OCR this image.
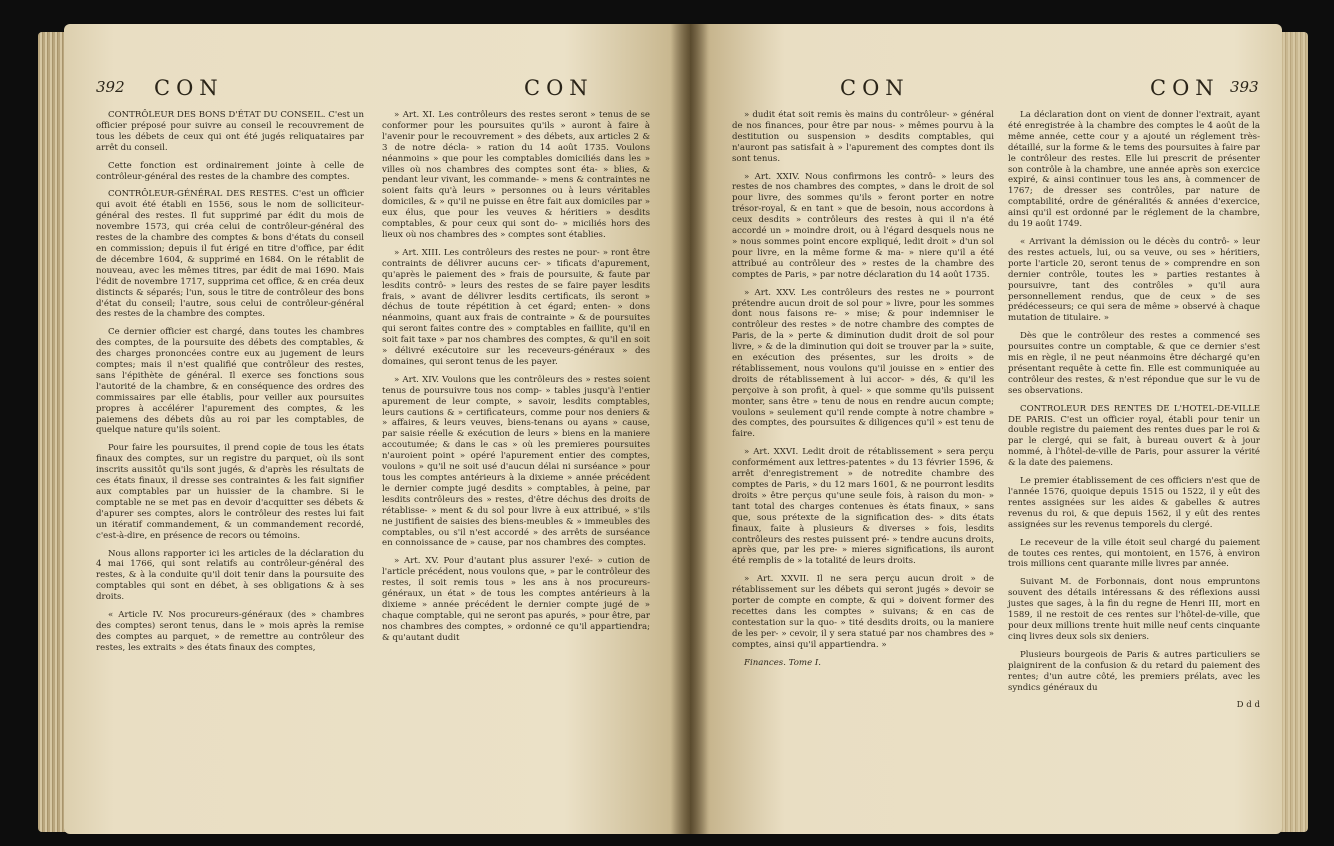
392 CON	CON

CONTRÔLEUR DES BONS D'ÉTAT DU CONSEIL. C'est un officier préposé pour suivre au conseil le recouvrement de tous les débets de ceux qui ont été jugés reliquataires par arrêt du conseil.

Cette fonction est ordinairement jointe à celle de contrôleur-général des restes de la chambre des comptes.

CONTRÔLEUR-GÉNÉRAL DES RESTES. C'est un officier qui avoit été établi en 1556, sous le nom de solliciteur-général des restes. Il fut supprimé par édit du mois de novembre 1573, qui créa celui de contrôleur-général des restes de la chambre des comptes & bons d'états du conseil en commission; depuis il fut érigé en titre d'office, par édit de décembre 1604, & supprimé en 1684. On le rétablit de nouveau, avec les mêmes titres, par édit de mai 1690. Mais l'édit de novembre 1717, supprima cet office, & en créa deux distincts & séparés; l'un, sous le titre de contrôleur des bons d'état du conseil; l'autre, sous celui de contrôleur-général des restes de la chambre des comptes.

Ce dernier officier est chargé, dans toutes les chambres des comptes, de la poursuite des débets des comptables, & des charges prononcées contre eux au jugement de leurs comptes; mais il n'est qualifié que contrôleur des restes, sans l'épithète de général. Il exerce ses fonctions sous l'autorité de la chambre, & en conséquence des ordres des commissaires par elle établis, pour veiller aux poursuites propres à accélérer l'apurement des comptes, & les paiemens des débets dûs au roi par les comptables, de quelque nature qu'ils soient.

Pour faire les poursuites, il prend copie de tous les états finaux des comptes, sur un registre du parquet, où ils sont inscrits aussitôt qu'ils sont jugés, & d'après les résultats de ces états finaux, il dresse ses contraintes & les fait signifier aux comptables par un huissier de la chambre. Si le comptable ne se met pas en devoir d'acquitter ses débets & d'apurer ses comptes, alors le contrôleur des restes lui fait un itératif commandement, & un commandement recordé, c'est-à-dire, en présence de recors ou témoins.

Nous allons rapporter ici les articles de la déclaration du 4 mai 1766, qui sont relatifs au contrôleur-général des restes, & à la conduite qu'il doit tenir dans la poursuite des comptables qui sont en débet, à ses obligations & à ses droits.

« Article IV. Nos procureurs-généraux (des » chambres des comptes) seront tenus, dans le » mois après la remise des comptes au parquet, » de remettre au contrôleur des restes, les extraits » des états finaux des comptes,

» Art. XI. Les contrôleurs des restes seront » tenus de se conformer pour les poursuites qu'ils » auront à faire à l'avenir pour le recouvrement » des débets, aux articles 2 & 3 de notre décla- » ration du 14 août 1735. Voulons néanmoins » que pour les comptables domiciliés dans les » villes où nos chambres des comptes sont éta- » blies, & pendant leur vivant, les commande- » mens & contraintes ne soient faits qu'à leurs » personnes ou à leurs véritables domiciles, & » qu'il ne puisse en être fait aux domiciles par » eux élus, que pour les veuves & héritiers » desdits comptables, & pour ceux qui sont do- » miciliés hors des lieux où nos chambres des » comptes sont établies.

» Art. XIII. Les contrôleurs des restes ne pour- » ront être contraints de délivrer aucuns cer- » tificats d'apurement, qu'après le paiement des » frais de poursuite, & faute par lesdits contrô- » leurs des restes de se faire payer lesdits frais, » avant de délivrer lesdits certificats, ils seront » déchus de toute répétition à cet égard; enten- » dons néanmoins, quant aux frais de contrainte » & de poursuites qui seront faites contre des » comptables en faillite, qu'il en soit fait taxe » par nos chambres des comptes, & qu'il en soit » délivré exécutoire sur les receveurs-généraux » des domaines, qui seront tenus de les payer.

» Art. XIV. Voulons que les contrôleurs des » restes soient tenus de poursuivre tous nos comp- » tables jusqu'à l'entier apurement de leur compte, » savoir, lesdits comptables, leurs cautions & » certificateurs, comme pour nos deniers & » affaires, & leurs veuves, biens-tenans ou ayans » cause, par saisie réelle & exécution de leurs » biens en la maniere accoutumée; & dans le cas » où les premieres poursuites n'auroient point » opéré l'apurement entier des comptes, voulons » qu'il ne soit usé d'aucun délai ni surséance » pour tous les comptes antérieurs à la dixieme » année précédent le dernier compte jugé desdits » comptables, à peine, par lesdits contrôleurs des » restes, d'être déchus des droits de rétablisse- » ment & du sol pour livre à eux attribué, » s'ils ne justifient de saisies des biens-meubles & » immeubles des comptables, ou s'il n'est accordé » des arrêts de surséance en connoissance de » cause, par nos chambres des comptes.

» Art. XV. Pour d'autant plus assurer l'exé- » cution de l'article précédent, nous voulons que, » par le contrôleur des restes, il soit remis tous » les ans à nos procureurs-généraux, un état » de tous les comptes antérieurs à la dixieme » année précédent le dernier compte jugé de » chaque comptable, qui ne seront pas apurés, » pour être, par nos chambres des comptes, » ordonné ce qu'il appartiendra; & qu'autant dudit

CON	CON 393

» dudit état soit remis ès mains du contrôleur- » général de nos finances, pour être par nous- » mêmes pourvu à la destitution ou suspension » desdits comptables, qui n'auront pas satisfait à » l'apurement des comptes dont ils sont tenus.

» Art. XXIV. Nous confirmons les contrô- » leurs des restes de nos chambres des comptes, » dans le droit de sol pour livre, des sommes qu'ils » feront porter en notre trésor-royal, & en tant » que de besoin, nous accordons à ceux desdits » contrôleurs des restes à qui il n'a été accordé un » moindre droit, ou à l'égard desquels nous ne » nous sommes point encore expliqué, ledit droit » d'un sol pour livre, en la même forme & ma- » niere qu'il a été attribué au contrôleur des » restes de la chambre des comptes de Paris, » par notre déclaration du 14 août 1735.

» Art. XXV. Les contrôleurs des restes ne » pourront prétendre aucun droit de sol pour » livre, pour les sommes dont nous faisons re- » mise; & pour indemniser le contrôleur des restes » de notre chambre des comptes de Paris, de la » perte & diminution dudit droit de sol pour livre, » & de la diminution qui doit se trouver par la » suite, en exécution des présentes, sur les droits » de rétablissement, nous voulons qu'il jouisse en » entier des droits de rétablissement à lui accor- » dés, & qu'il les perçoive à son profit, à quel- » que somme qu'ils puissent monter, sans être » tenu de nous en rendre aucun compte; voulons » seulement qu'il rende compte à notre chambre » des comptes, des poursuites & diligences qu'il » est tenu de faire.

» Art. XXVI. Ledit droit de rétablissement » sera perçu conformément aux lettres-patentes » du 13 février 1596, & arrêt d'enregistrement » de notredite chambre des comptes de Paris, » du 12 mars 1601, & ne pourront lesdits droits » être perçus qu'une seule fois, à raison du mon- » tant total des charges contenues ès états finaux, » sans que, sous prétexte de la signification des- » dits états finaux, faite à plusieurs & diverses » fois, lesdits contrôleurs des restes puissent pré- » tendre aucuns droits, après que, par les pre- » mieres significations, ils auront été remplis de » la totalité de leurs droits.

» Art. XXVII. Il ne sera perçu aucun droit » de rétablissement sur les débets qui seront jugés » devoir se porter de compte en compte, & qui » doivent former des recettes dans les comptes » suivans; & en cas de contestation sur la quo- » tité desdits droits, ou la maniere de les per- » cevoir, il y sera statué par nos chambres des » comptes, ainsi qu'il appartiendra. »

Finances. Tome I.

La déclaration dont on vient de donner l'extrait, ayant été enregistrée à la chambre des comptes le 4 août de la même année, cette cour y a ajouté un réglement très-détaillé, sur la forme & le tems des poursuites à faire par le contrôleur des restes. Elle lui prescrit de présenter son contrôle à la chambre, une année après son exercice expiré, & ainsi continuer tous les ans, à commencer de 1767; de dresser ses contrôles, par nature de comptabilité, ordre de généralités & années d'exercice, ainsi qu'il est ordonné par le réglement de la chambre, du 19 août 1749.

« Arrivant la démission ou le décès du contrô- » leur des restes actuels, lui, ou sa veuve, ou ses » héritiers, porte l'article 20, seront tenus de » comprendre en son dernier contrôle, toutes les » parties restantes à poursuivre, tant des contrôles » qu'il aura personnellement rendus, que de ceux » de ses prédécesseurs; ce qui sera de même » observé à chaque mutation de titulaire. »

Dès que le contrôleur des restes a commencé ses poursuites contre un comptable, & que ce dernier s'est mis en règle, il ne peut néanmoins être déchargé qu'en présentant requête à cette fin. Elle est communiquée au contrôleur des restes, & n'est répondue que sur le vu de ses observations.

CONTROLEUR DES RENTES DE L'HOTEL-DE-VILLE DE PARIS. C'est un officier royal, établi pour tenir un double registre du paiement des rentes dues par le roi & par le clergé, qui se fait, à bureau ouvert & à jour nommé, à l'hôtel-de-ville de Paris, pour assurer la vérité & la date des paiemens.

Le premier établissement de ces officiers n'est que de l'année 1576, quoique depuis 1515 ou 1522, il y eût des rentes assignées sur les aides & gabelles & autres revenus du roi, & que depuis 1562, il y eût des rentes assignées sur les revenus temporels du clergé.

Le receveur de la ville étoit seul chargé du paiement de toutes ces rentes, qui montoient, en 1576, à environ trois millions cent quarante mille livres par année.

Suivant M. de Forbonnais, dont nous empruntons souvent des détails intéressans & des réflexions aussi justes que sages, à la fin du regne de Henri III, mort en 1589, il ne restoit de ces rentes sur l'hôtel-de-ville, que pour deux millions trente huit mille neuf cents cinquante cinq livres deux sols six deniers.

Plusieurs bourgeois de Paris & autres particuliers se plaignirent de la confusion & du retard du paiement des rentes; d'un autre côté, les premiers prélats, avec les syndics généraux du

D d d
